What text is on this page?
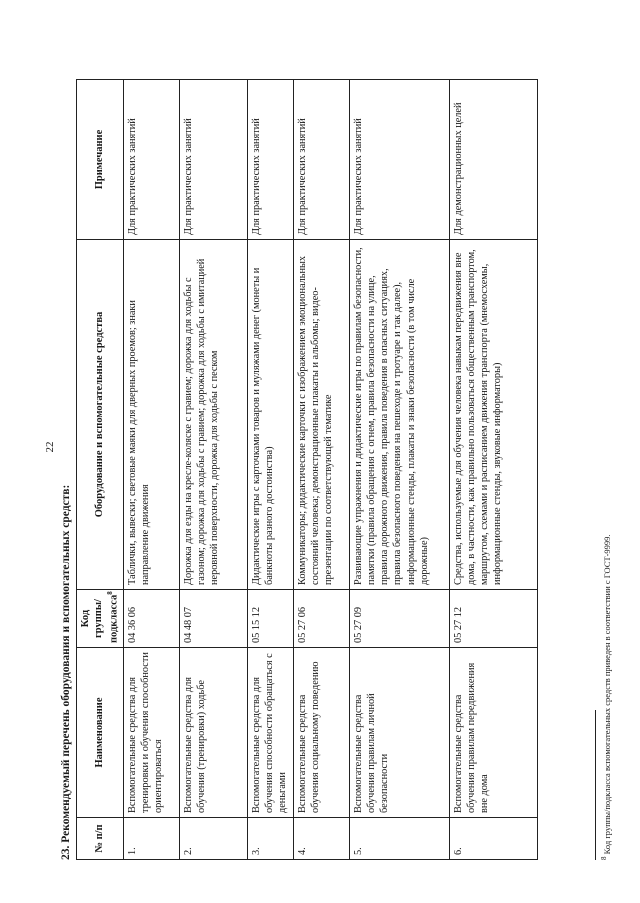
22
23. Рекомендуемый перечень оборудования и вспомогательных средств: № п/п	Наименование	Код группы/подкласса$^8$	Оборудование и вспомогательные средства	Примечание
1.	Вспомогательные средства для тренировки и обучения способности ориентироваться	04 36 06	Таблички, вывески; световые маяки для дверных проемов; знаки направление движения	Для практических занятий
2.	Вспомогательные средства для обучения (тренировки) ходьбе	04 48 07	Дорожка для езды на кресле-коляске с гравием; дорожка для ходьбы с газоном; дорожка для ходьбы с гравием; дорожка для ходьбы с имитацией неровной поверхности, дорожка для ходьбы с песком	Для практических занятий
3.	Вспомогательные средства для обучения способности обращаться с деньгами	05 15 12	Дидактические игры с карточками товаров и муляжами денег (монеты и банкноты разного достоинства)	Для практических занятий
4.	Вспомогательные средства обучения социальному поведению	05 27 06	Коммуникаторы; дидактические карточки с изображением эмоциональных состояний человека; демонстрационные плакаты и альбомы; видео-презентации по соответствующей тематике	Для практических занятий
5.	Вспомогательные средства обучения правилам личной безопасности	05 27 09	Развивающие упражнения и дидактические игры по правилам безопасности, памятки (правила обращения с огнем, правила безопасности на улице, правила дорожного движения, правила поведения в опасных ситуациях, правила безопасного поведения на пешеходе и тротуаре и так далее), информационные стенды, плакаты и знаки безопасности (в том числе дорожные)	Для практических занятий
6.	Вспомогательные средства обучения правилам передвижения вне дома	05 27 12	Средства, используемые для обучения человека навыкам передвижения вне дома, в частности, как правильно пользоваться общественным транспортом, маршрутом, схемами и расписанием движения транспорта (мнемосхемы, информационные стенды, звуковые информаторы)	Для демонстрационных целей
$^8$ Код группы/подкласса вспомогательных средств приведен в соответствии с ГОСТ-9999.
